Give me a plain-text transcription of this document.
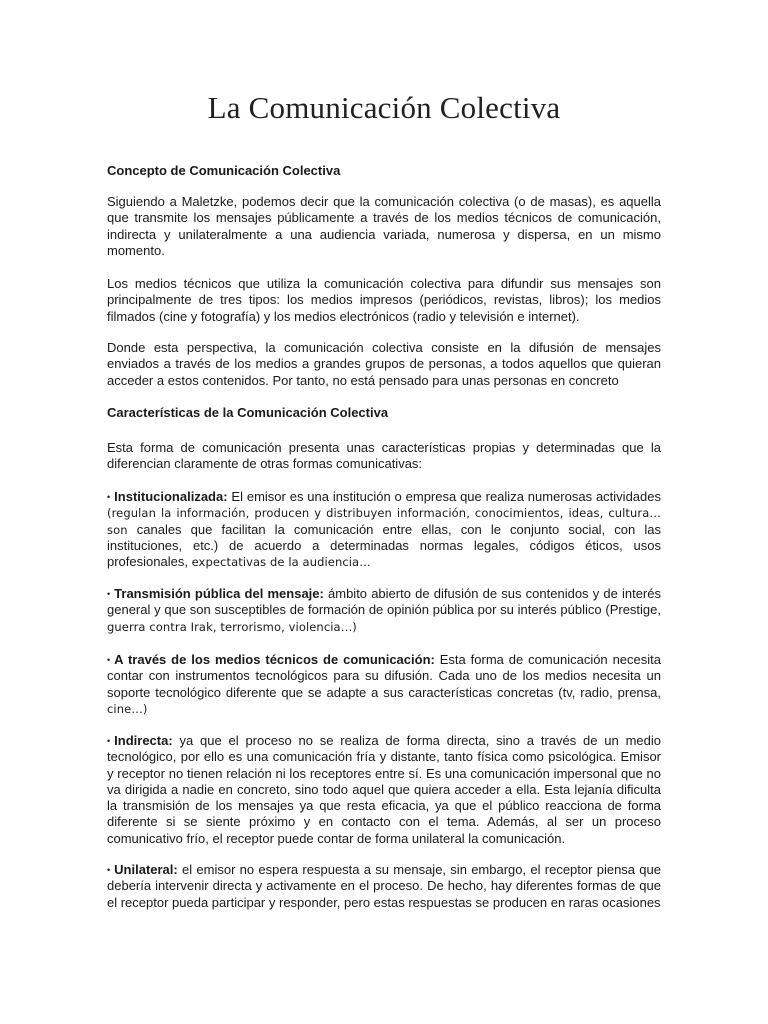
La Comunicación Colectiva
Concepto de Comunicación Colectiva

Siguiendo a Maletzke, podemos decir que la comunicación colectiva (o de masas), es aquella que transmite los mensajes públicamente a través de los medios técnicos de comunicación, indirecta y unilateralmente a una audiencia variada, numerosa y dispersa, en un mismo momento.

Los medios técnicos que utiliza la comunicación colectiva para difundir sus mensajes son principalmente de tres tipos: los medios impresos (periódicos, revistas, libros); los medios filmados (cine y fotografía) y los medios electrónicos (radio y televisión e internet).

Donde esta perspectiva, la comunicación colectiva consiste en la difusión de mensajes enviados a través de los medios a grandes grupos de personas, a todos aquellos que quieran acceder a estos contenidos. Por tanto, no está pensado para unas personas en concreto

Características de la Comunicación Colectiva

Esta forma de comunicación presenta unas características propias y determinadas que la diferencian claramente de otras formas comunicativas:

• Institucionalizada: El emisor es una institución o empresa que realiza numerosas actividades (regulan la información, producen y distribuyen información, conocimientos, ideas, cultura… son canales que facilitan la comunicación entre ellas, con le conjunto social, con las instituciones, etc.) de acuerdo a determinadas normas legales, códigos éticos, usos profesionales, expectativas de la audiencia…

• Transmisión pública del mensaje: ámbito abierto de difusión de sus contenidos y de interés general y que son susceptibles de formación de opinión pública por su interés público (Prestige, guerra contra Irak, terrorismo, violencia…)

• A través de los medios técnicos de comunicación: Esta forma de comunicación necesita contar con instrumentos tecnológicos para su difusión. Cada uno de los medios necesita un soporte tecnológico diferente que se adapte a sus características concretas (tv, radio, prensa, cine…)

• Indirecta: ya que el proceso no se realiza de forma directa, sino a través de un medio tecnológico, por ello es una comunicación fría y distante, tanto física como psicológica. Emisor y receptor no tienen relación ni los receptores entre sí. Es una comunicación impersonal que no va dirigida a nadie en concreto, sino todo aquel que quiera acceder a ella. Esta lejanía dificulta la transmisión de los mensajes ya que resta eficacia, ya que el público reacciona de forma diferente si se siente próximo y en contacto con el tema. Además, al ser un proceso comunicativo frío, el receptor puede contar de forma unilateral la comunicación.

• Unilateral: el emisor no espera respuesta a su mensaje, sin embargo, el receptor piensa que debería intervenir directa y activamente en el proceso. De hecho, hay diferentes formas de que el receptor pueda participar y responder, pero estas respuestas se producen en raras ocasiones
